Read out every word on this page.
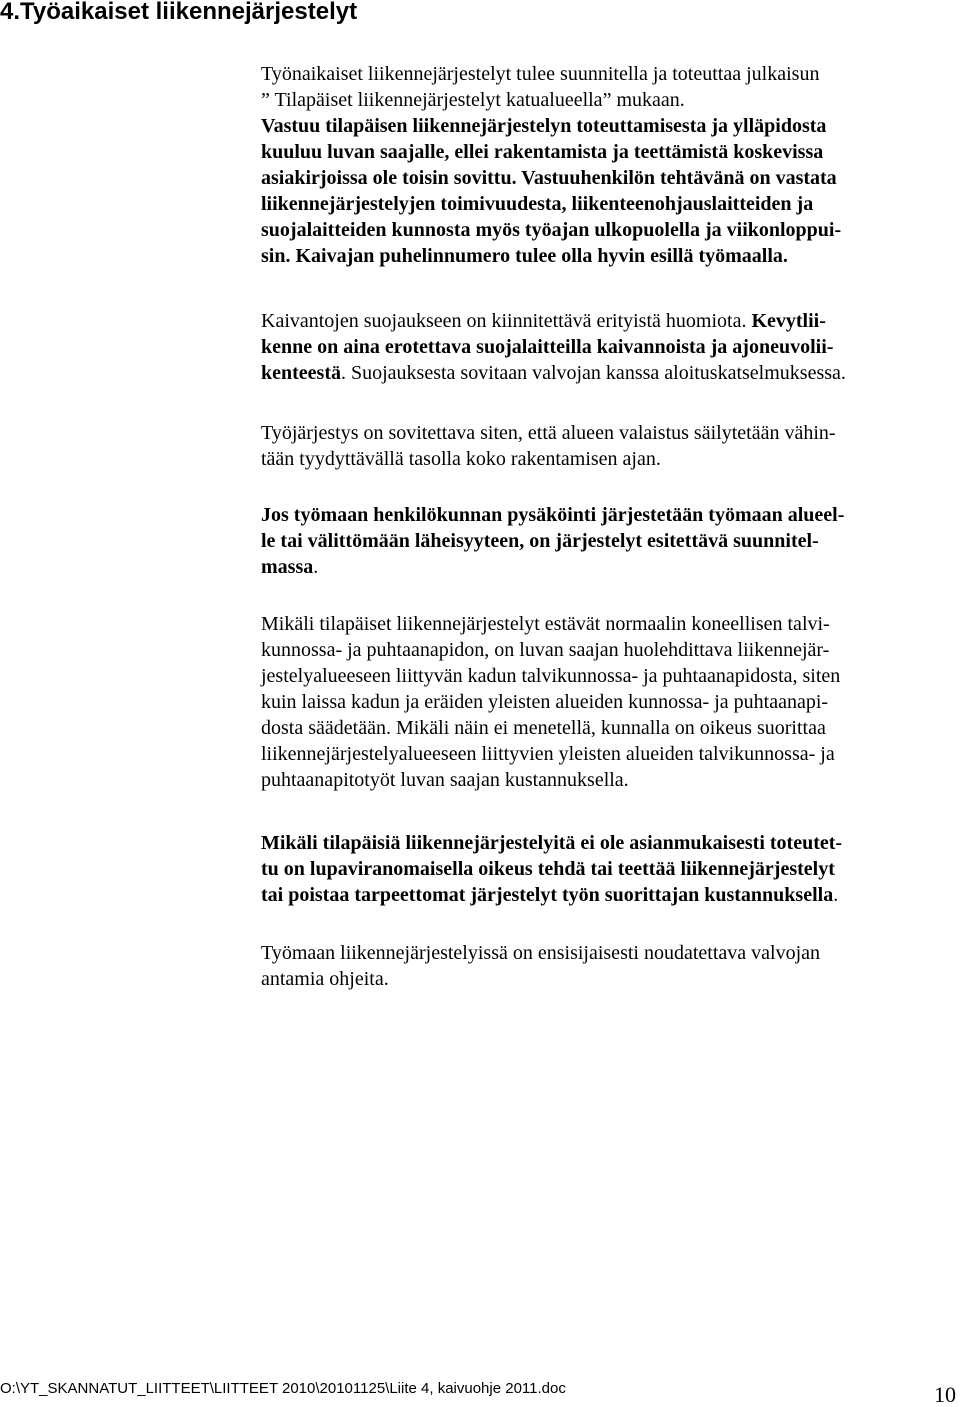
4.Työaikaiset liikennejärjestelyt

Työnaikaiset liikennejärjestelyt tulee suunnitella ja toteuttaa julkaisun
” Tilapäiset liikennejärjestelyt katualueella” mukaan.
Vastuu tilapäisen liikennejärjestelyn toteuttamisesta ja ylläpidosta
kuuluu luvan saajalle, ellei rakentamista ja teettämistä koskevissa
asiakirjoissa ole toisin sovittu. Vastuuhenkilön tehtävänä on vastata
liikennejärjestelyjen toimivuudesta, liikenteenohjauslaitteiden ja
suojalaitteiden kunnosta myös työajan ulkopuolella ja viikonloppui-
sin. Kaivajan puhelinnumero tulee olla hyvin esillä työmaalla.

Kaivantojen suojaukseen on kiinnitettävä erityistä huomiota. Kevytlii-
kenne on aina erotettava suojalaitteilla kaivannoista ja ajoneuvolii-
kenteestä. Suojauksesta sovitaan valvojan kanssa aloituskatselmuksessa.

Työjärjestys on sovitettava siten, että alueen valaistus säilytetään vähin-
tään tyydyttävällä tasolla koko rakentamisen ajan.

Jos työmaan henkilökunnan pysäköinti järjestetään työmaan alueel-
le tai välittömään läheisyyteen, on järjestelyt esitettävä suunnitel-
massa.

Mikäli tilapäiset liikennejärjestelyt estävät normaalin koneellisen talvi-
kunnossa- ja puhtaanapidon, on luvan saajan huolehdittava liikennejär-
jestelyalueeseen liittyvän kadun talvikunnossa- ja puhtaanapidosta, siten
kuin laissa kadun ja eräiden yleisten alueiden kunnossa- ja puhtaanapi-
dosta säädetään. Mikäli näin ei menetellä, kunnalla on oikeus suorittaa
liikennejärjestelyalueeseen liittyvien yleisten alueiden talvikunnossa- ja
puhtaanapitotyöt luvan saajan kustannuksella.

Mikäli tilapäisiä liikennejärjestelyitä ei ole asianmukaisesti toteutet-
tu on lupaviranomaisella oikeus tehdä tai teettää liikennejärjestelyt
tai poistaa tarpeettomat järjestelyt työn suorittajan kustannuksella.

Työmaan liikennejärjestelyissä on ensisijaisesti noudatettava valvojan
antamia ohjeita.

O:\YT_SKANNATUT_LIITTEET\LIITTEET 2010\20101125\Liite 4, kaivuohje 2011.doc	10
